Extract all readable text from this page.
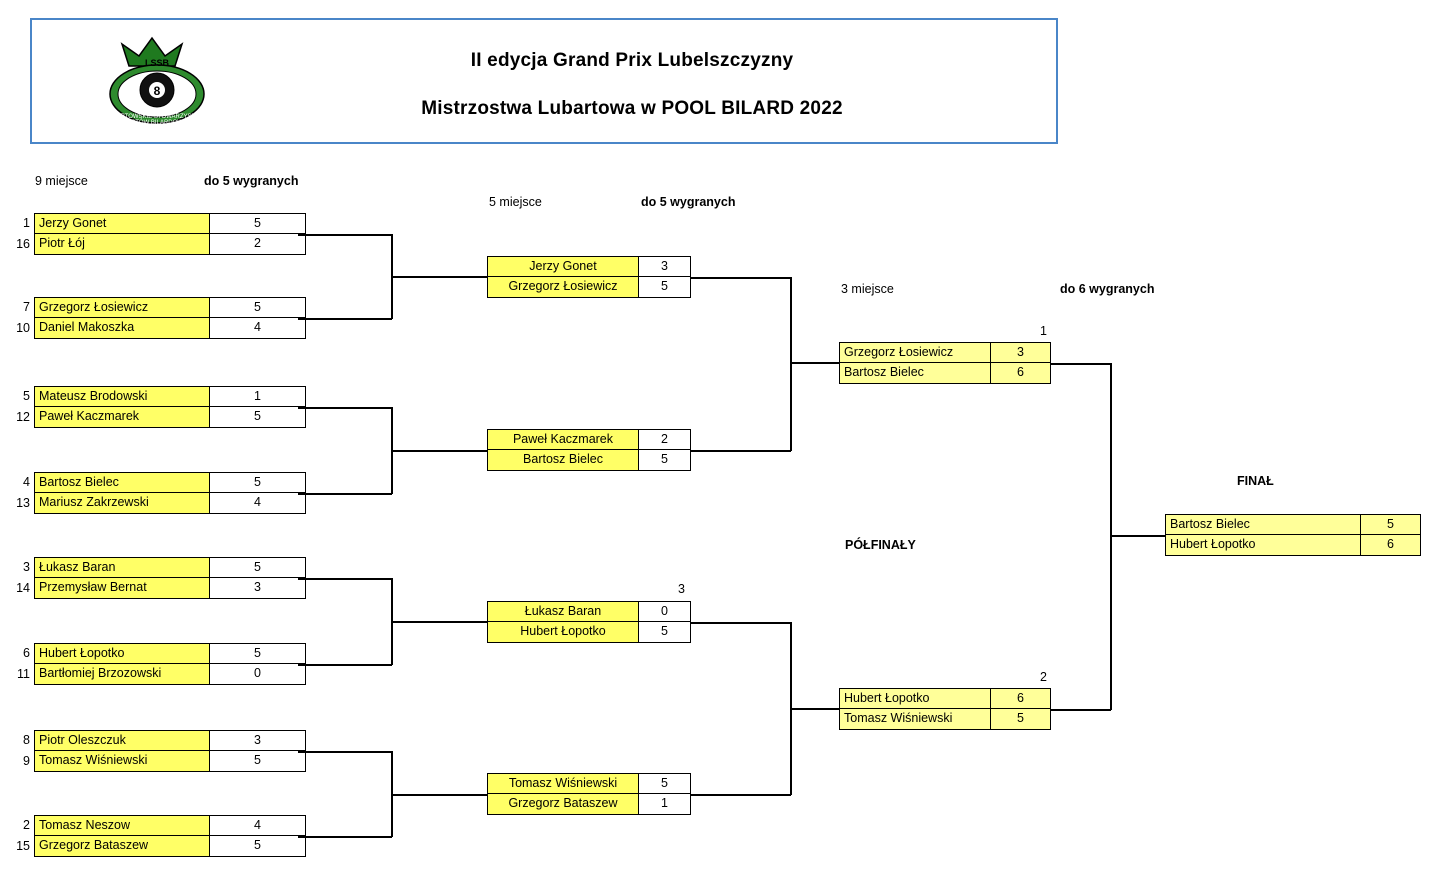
8
LSSB
LUBARTOWSKIE STOWARZYSZENIE
SPORTÓW BILARDOWYCH
II edycja Grand Prix Lubelszczyzny
Mistrzostwa Lubartowa w POOL BILARD 2022
9 miejsce	do 5 wygranych
5 miejsce	do 5 wygranych
3 miejsce	do 6 wygranych
PÓŁFINAŁY
FINAŁ
1 Jerzy Gonet	5
16 Piotr Łój	2
7 Grzegorz Łosiewicz	5
10 Daniel Makoszka	4
5 Mateusz Brodowski	1
12 Paweł Kaczmarek	5
4 Bartosz Bielec	5
13 Mariusz Zakrzewski	4
3 Łukasz Baran	5
14 Przemysław Bernat	3
6 Hubert Łopotko	5
11 Bartłomiej Brzozowski	0
8 Piotr Oleszczuk	3
9 Tomasz Wiśniewski	5
2 Tomasz Neszow	4
15 Grzegorz Bataszew	5
Jerzy Gonet	3
Grzegorz Łosiewicz	5
Paweł Kaczmarek	2
Bartosz Bielec	5
3
Łukasz Baran	0
Hubert Łopotko	5
Tomasz Wiśniewski	5
Grzegorz Bataszew	1
1
Grzegorz Łosiewicz	3
Bartosz Bielec	6
2
Hubert Łopotko	6
Tomasz Wiśniewski	5
Bartosz Bielec	5
Hubert Łopotko	6
